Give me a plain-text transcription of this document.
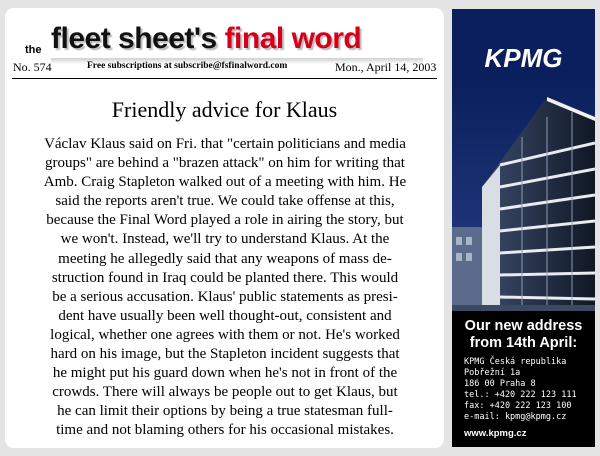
the fleet sheet's final word
No. 574	Free subscriptions at subscribe@fsfinalword.com	Mon., April 14, 2003
Friendly advice for Klaus

Václav Klaus said on Fri. that "certain politicians and media
groups" are behind a "brazen attack" on him for writing that
Amb. Craig Stapleton walked out of a meeting with him. He
said the reports aren't true. We could take offense at this,
because the Final Word played a role in airing the story, but
we won't. Instead, we'll try to understand Klaus. At the
meeting he allegedly said that any weapons of mass de-
struction found in Iraq could be planted there. This would
be a serious accusation. Klaus' public statements as presi-
dent have usually been well thought-out, consistent and
logical, whether one agrees with them or not. He's worked
hard on his image, but the Stapleton incident suggests that
he might put his guard down when he's not in front of the
crowds. There will always be people out to get Klaus, but
he can limit their options by being a true statesman full-
time and not blaming others for his occasional mistakes.

KPMG
Our new address
from 14th April:
KPMG Česká republika
Pobřežní 1a
186 00 Praha 8
tel.: +420 222 123 111
fax: +420 222 123 100
e-mail: kpmg@kpmg.cz
www.kpmg.cz
